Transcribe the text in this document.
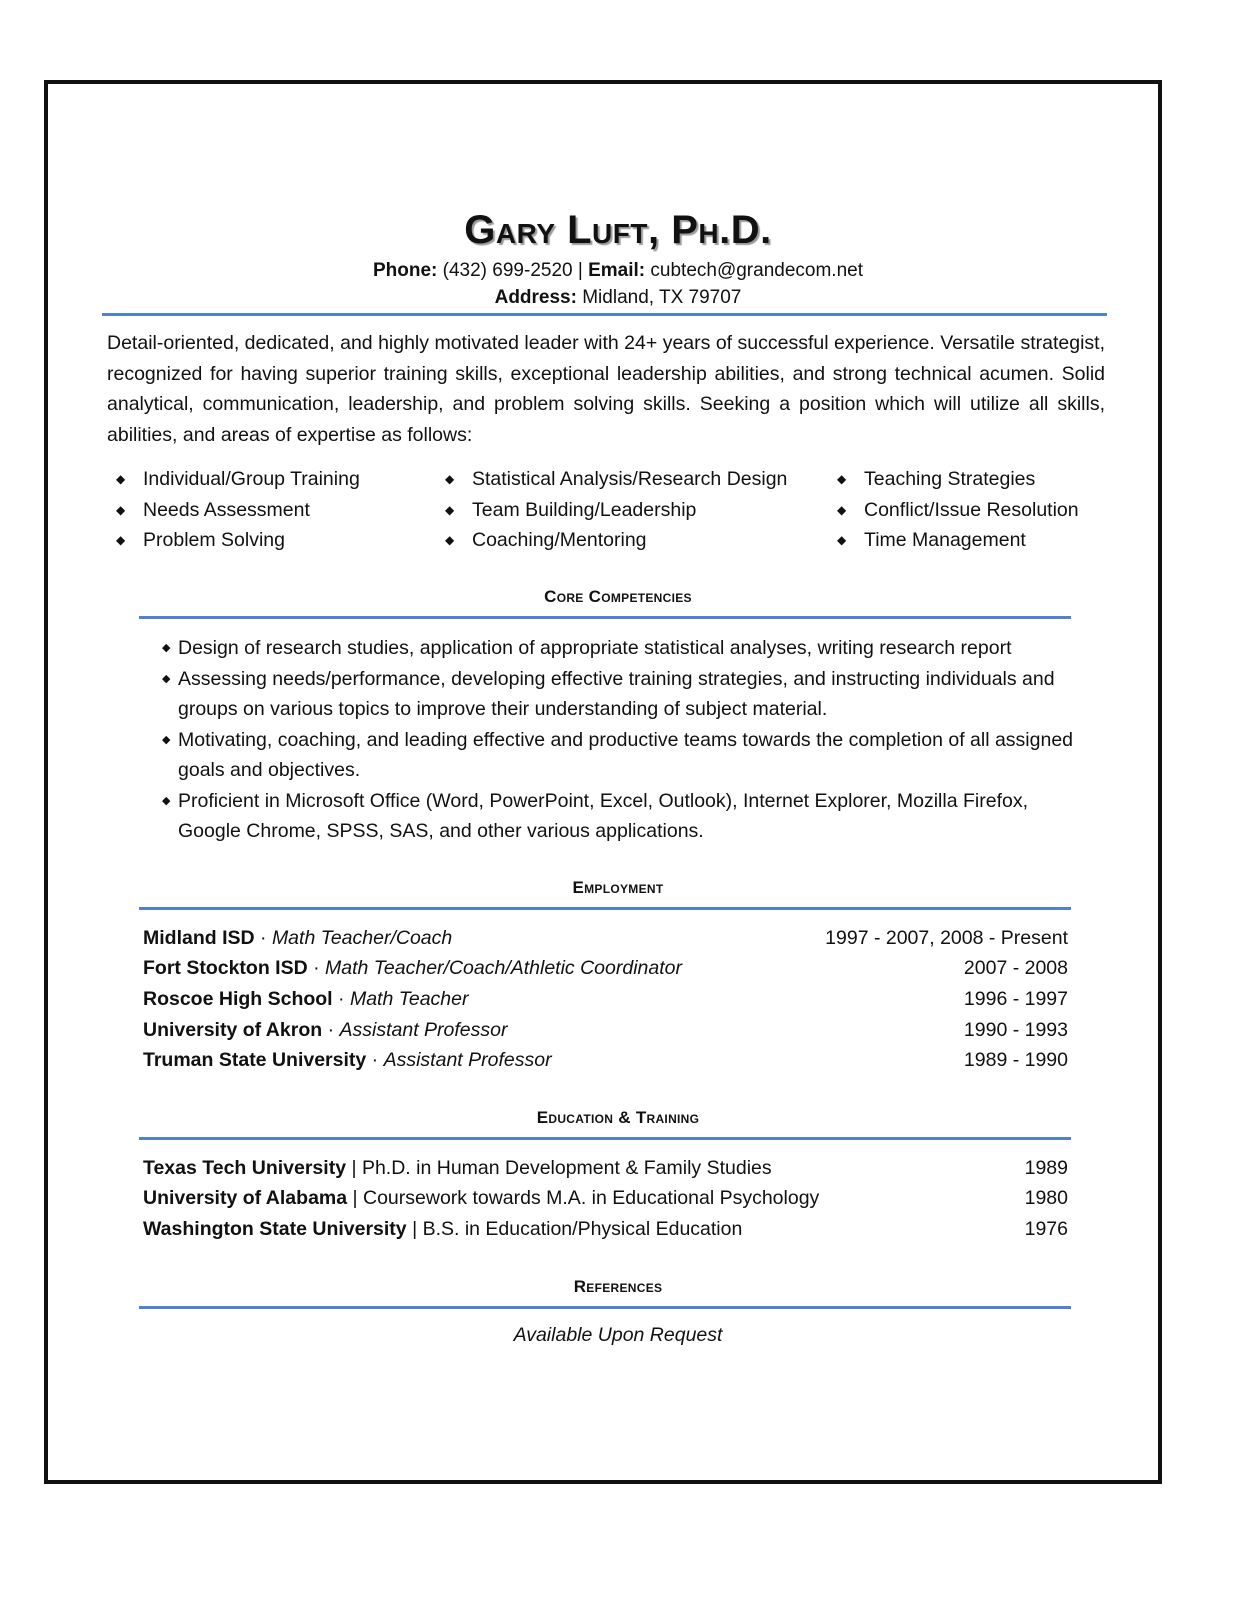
Gary Luft, Ph.D.
Phone: (432) 699-2520 | Email: cubtech@grandecom.net
Address: Midland, TX 79707
Detail-oriented, dedicated, and highly motivated leader with 24+ years of successful experience. Versatile strategist, recognized for having superior training skills, exceptional leadership abilities, and strong technical acumen. Solid analytical, communication, leadership, and problem solving skills. Seeking a position which will utilize all skills, abilities, and areas of expertise as follows:
◆ Individual/Group Training
◆ Needs Assessment
◆ Problem Solving
◆ Statistical Analysis/Research Design
◆ Team Building/Leadership
◆ Coaching/Mentoring
◆ Teaching Strategies
◆ Conflict/Issue Resolution
◆ Time Management
Core Competencies
◆ Design of research studies, application of appropriate statistical analyses, writing research report
◆ Assessing needs/performance, developing effective training strategies, and instructing individuals and groups on various topics to improve their understanding of subject material.
◆ Motivating, coaching, and leading effective and productive teams towards the completion of all assigned goals and objectives.
◆ Proficient in Microsoft Office (Word, PowerPoint, Excel, Outlook), Internet Explorer, Mozilla Firefox, Google Chrome, SPSS, SAS, and other various applications.
Employment
Midland ISD · Math Teacher/Coach	1997 - 2007, 2008 - Present
Fort Stockton ISD · Math Teacher/Coach/Athletic Coordinator	2007 - 2008
Roscoe High School · Math Teacher	1996 - 1997
University of Akron · Assistant Professor	1990 - 1993
Truman State University · Assistant Professor	1989 - 1990
Education & Training
Texas Tech University | Ph.D. in Human Development & Family Studies	1989
University of Alabama | Coursework towards M.A. in Educational Psychology	1980
Washington State University | B.S. in Education/Physical Education	1976
References
Available Upon Request
